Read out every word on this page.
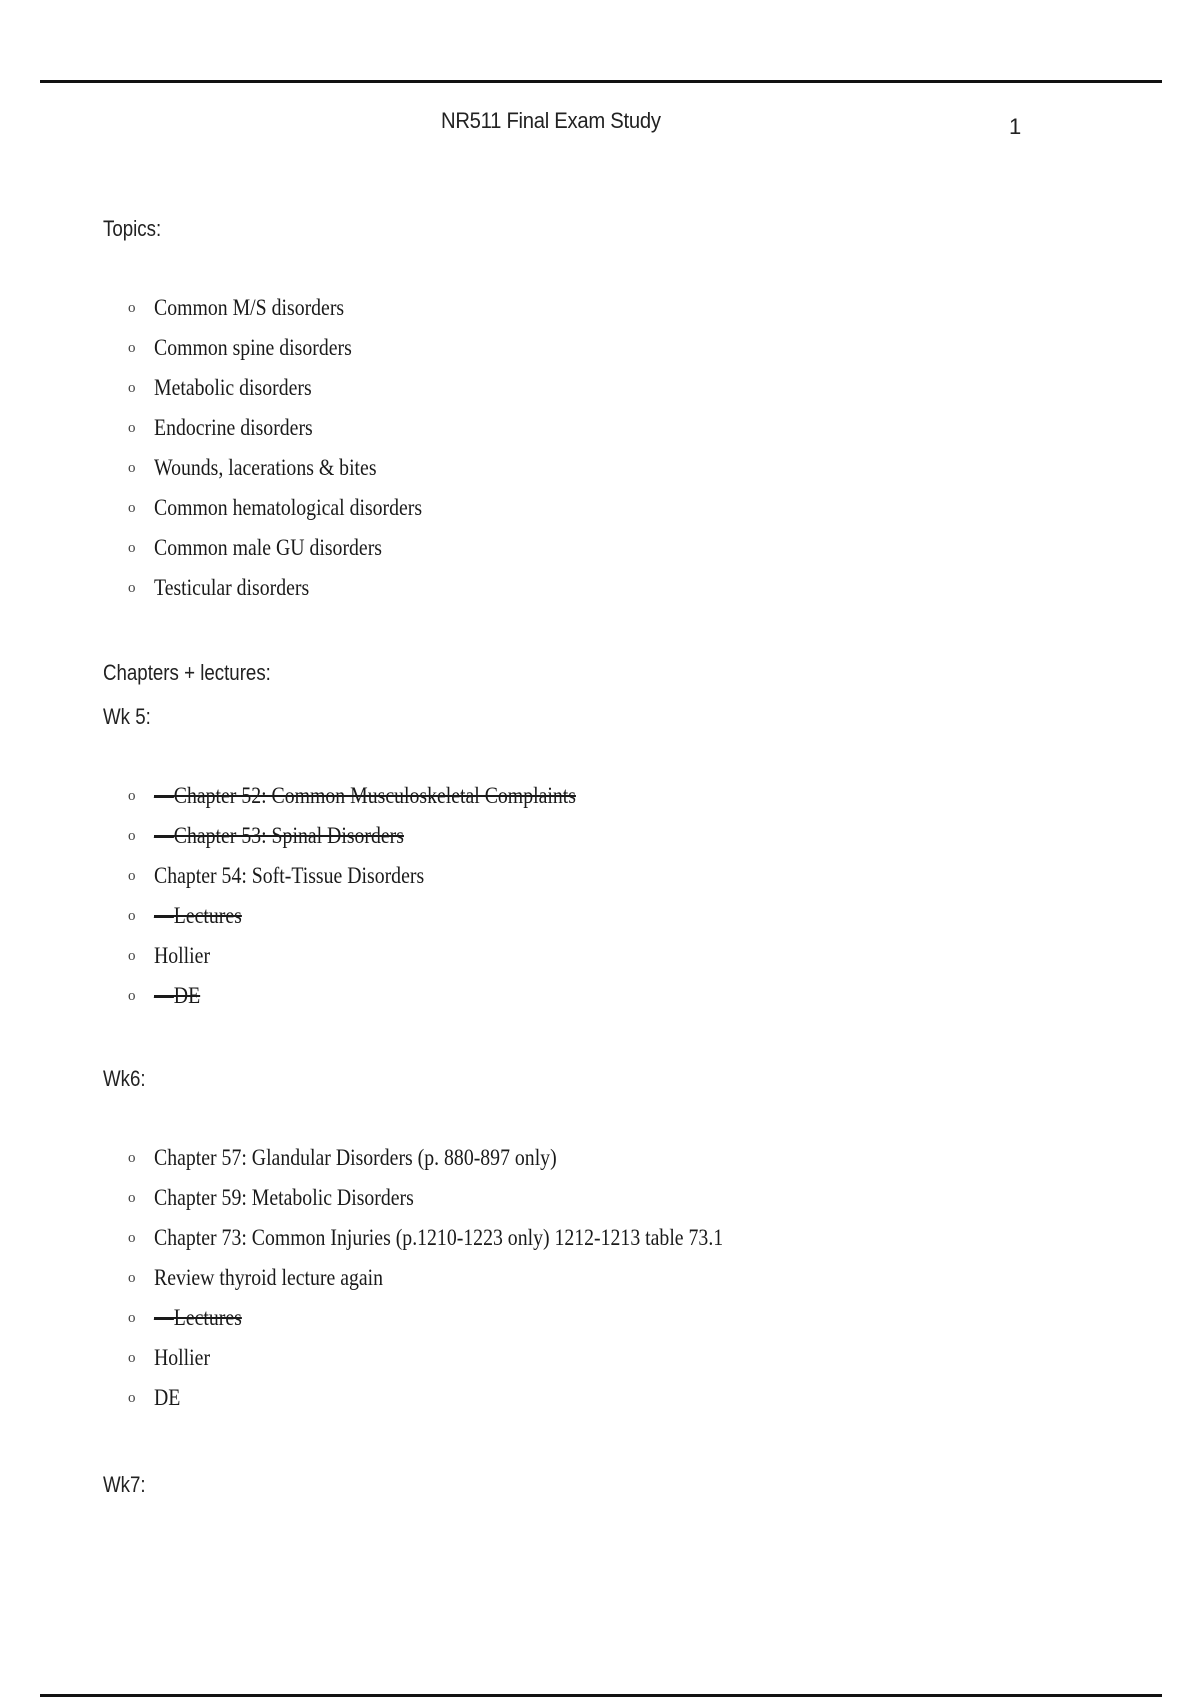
NR511 Final Exam Study	1
Topics:
o Common M/S disorders
o Common spine disorders
o Metabolic disorders
o Endocrine disorders
o Wounds, lacerations & bites
o Common hematological disorders
o Common male GU disorders
o Testicular disorders
Chapters + lectures:
Wk 5:
o —Chapter 52: Common Musculoskeletal Complaints
o —Chapter 53: Spinal Disorders
o Chapter 54: Soft-Tissue Disorders
o —Lectures
o Hollier
o —DE
Wk6:
o Chapter 57: Glandular Disorders (p. 880-897 only)
o Chapter 59: Metabolic Disorders
o Chapter 73: Common Injuries (p.1210-1223 only) 1212-1213 table 73.1
o Review thyroid lecture again
o —Lectures
o Hollier
o DE
Wk7:
